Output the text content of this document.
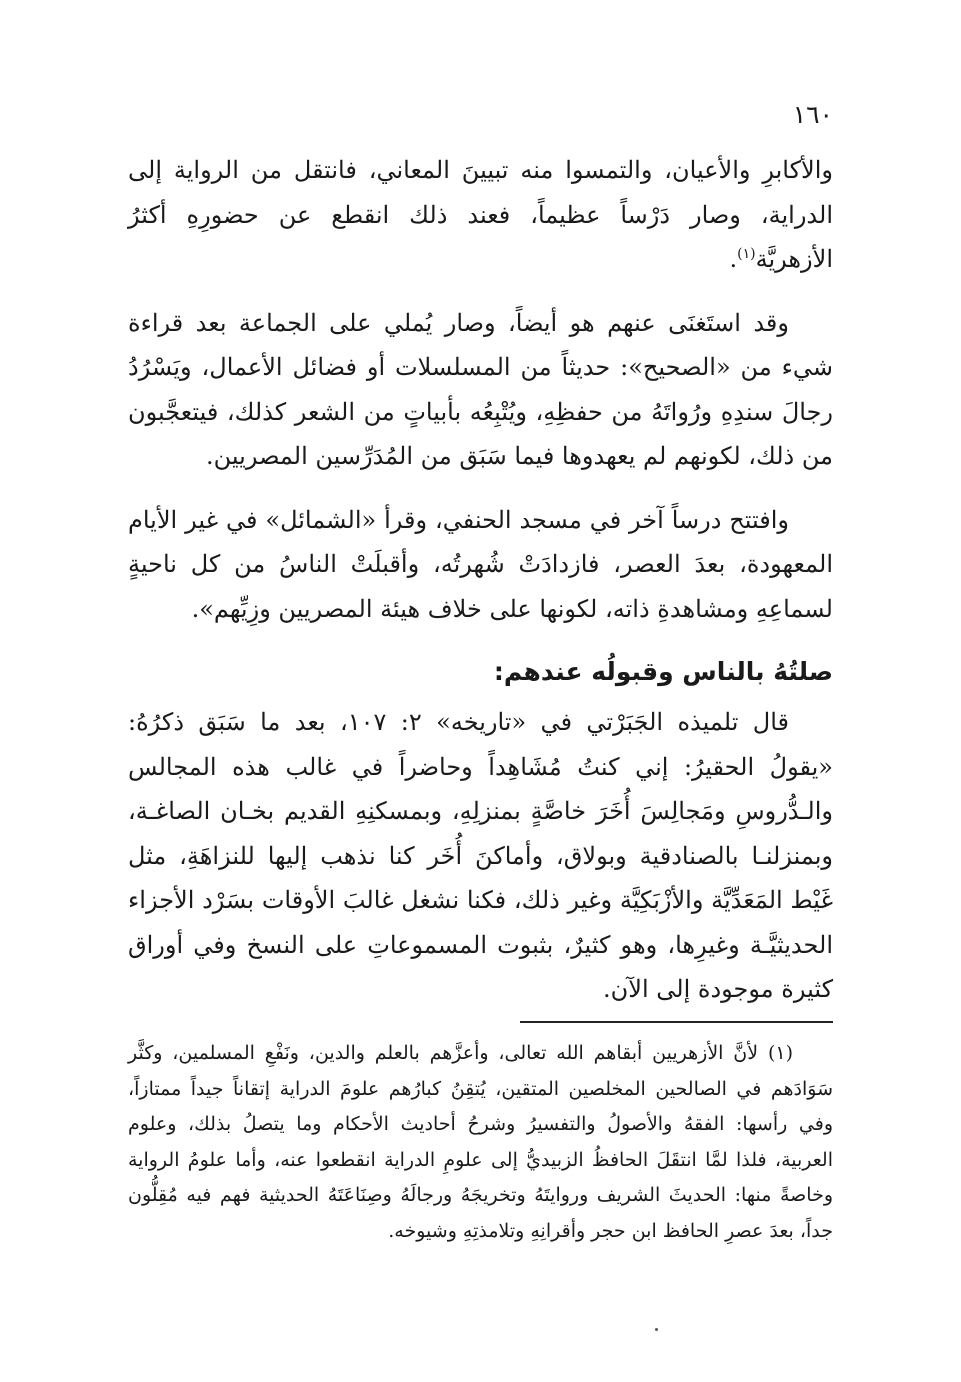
١٦٠

والأكابرِ والأعيان، والتمسوا منه تبيينَ المعاني، فانتقل من الرواية إلى الدراية، وصار دَرْساً عظيماً، فعند ذلك انقطع عن حضورِهِ أكثرُ الأزهريَّة$^{(١)}$.

وقد استَغنَى عنهم هو أيضاً، وصار يُملي على الجماعة بعد قراءة شيء من «الصحيح»: حديثاً من المسلسلات أو فضائل الأعمال، ويَسْرُدُ رجالَ سندِهِ ورُواتَهُ من حفظِهِ، ويُتْبِعُه بأبياتٍ من الشعر كذلك، فيتعجَّبون من ذلك، لكونهم لم يعهدوها فيما سَبَق من المُدَرِّسين المصريين.

وافتتح درساً آخر في مسجد الحنفي، وقرأ «الشمائل» في غير الأيام المعهودة، بعدَ العصر، فازدادَتْ شُهرتُه، وأقبلَتْ الناسُ من كل ناحيةٍ لسماعِهِ ومشاهدةِ ذاته، لكونها على خلاف هيئة المصريين وزِيِّهم».

صلتُهُ بالناس وقبولُه عندهم:

قال تلميذه الجَبَرْتي في «تاريخه» ٢: ١٠٧، بعد ما سَبَق ذكرُهُ: «يقولُ الحقيرُ: إني كنتُ مُشَاهِداً وحاضراً في غالب هذه المجالس والـدُّروسِ ومَجالِسَ أُخَرَ خاصَّةٍ بمنزلِهِ، وبمسكنِهِ القديم بخـان الصاغـة، وبمنزلنـا بالصنادقية وبولاق، وأماكنَ أُخَر كنا نذهب إليها للنزاهَةِ، مثل غَيْط المَعَدِّيَّة والأزْبَكِيَّة وغير ذلك، فكنا نشغل غالبَ الأوقات بسَرْد الأجزاء الحديثيَّـة وغيرِها، وهو كثيرٌ، بثبوت المسموعاتِ على النسخ وفي أوراق كثيرة موجودة إلى الآن.

(١) لأنَّ الأزهريين أبقاهم الله تعالى، وأعزَّهم بالعلم والدين، ونَفْعِ المسلمين، وكثَّر سَوَادَهم في الصالحين المخلصين المتقين، يُتقِنُ كبارُهم علومَ الدراية إتقاناً جيداً ممتازاً، وفي رأسها: الفقهُ والأصولُ والتفسيرُ وشرحُ أحاديث الأحكام وما يتصلُ بذلك، وعلوم العربية، فلذا لمَّا انتقَلَ الحافظُ الزبيديُّ إلى علومِ الدراية انقطعوا عنه، وأما علومُ الرواية وخاصةً منها: الحديثَ الشريف وروايتَهُ وتخريجَهُ ورجالَهُ وصِنَاعَتَهُ الحديثية فهم فيه مُقِلُّون جداً، بعدَ عصرِ الحافظ ابن حجر وأقرانِهِ وتلامذتِهِ وشيوخه.
